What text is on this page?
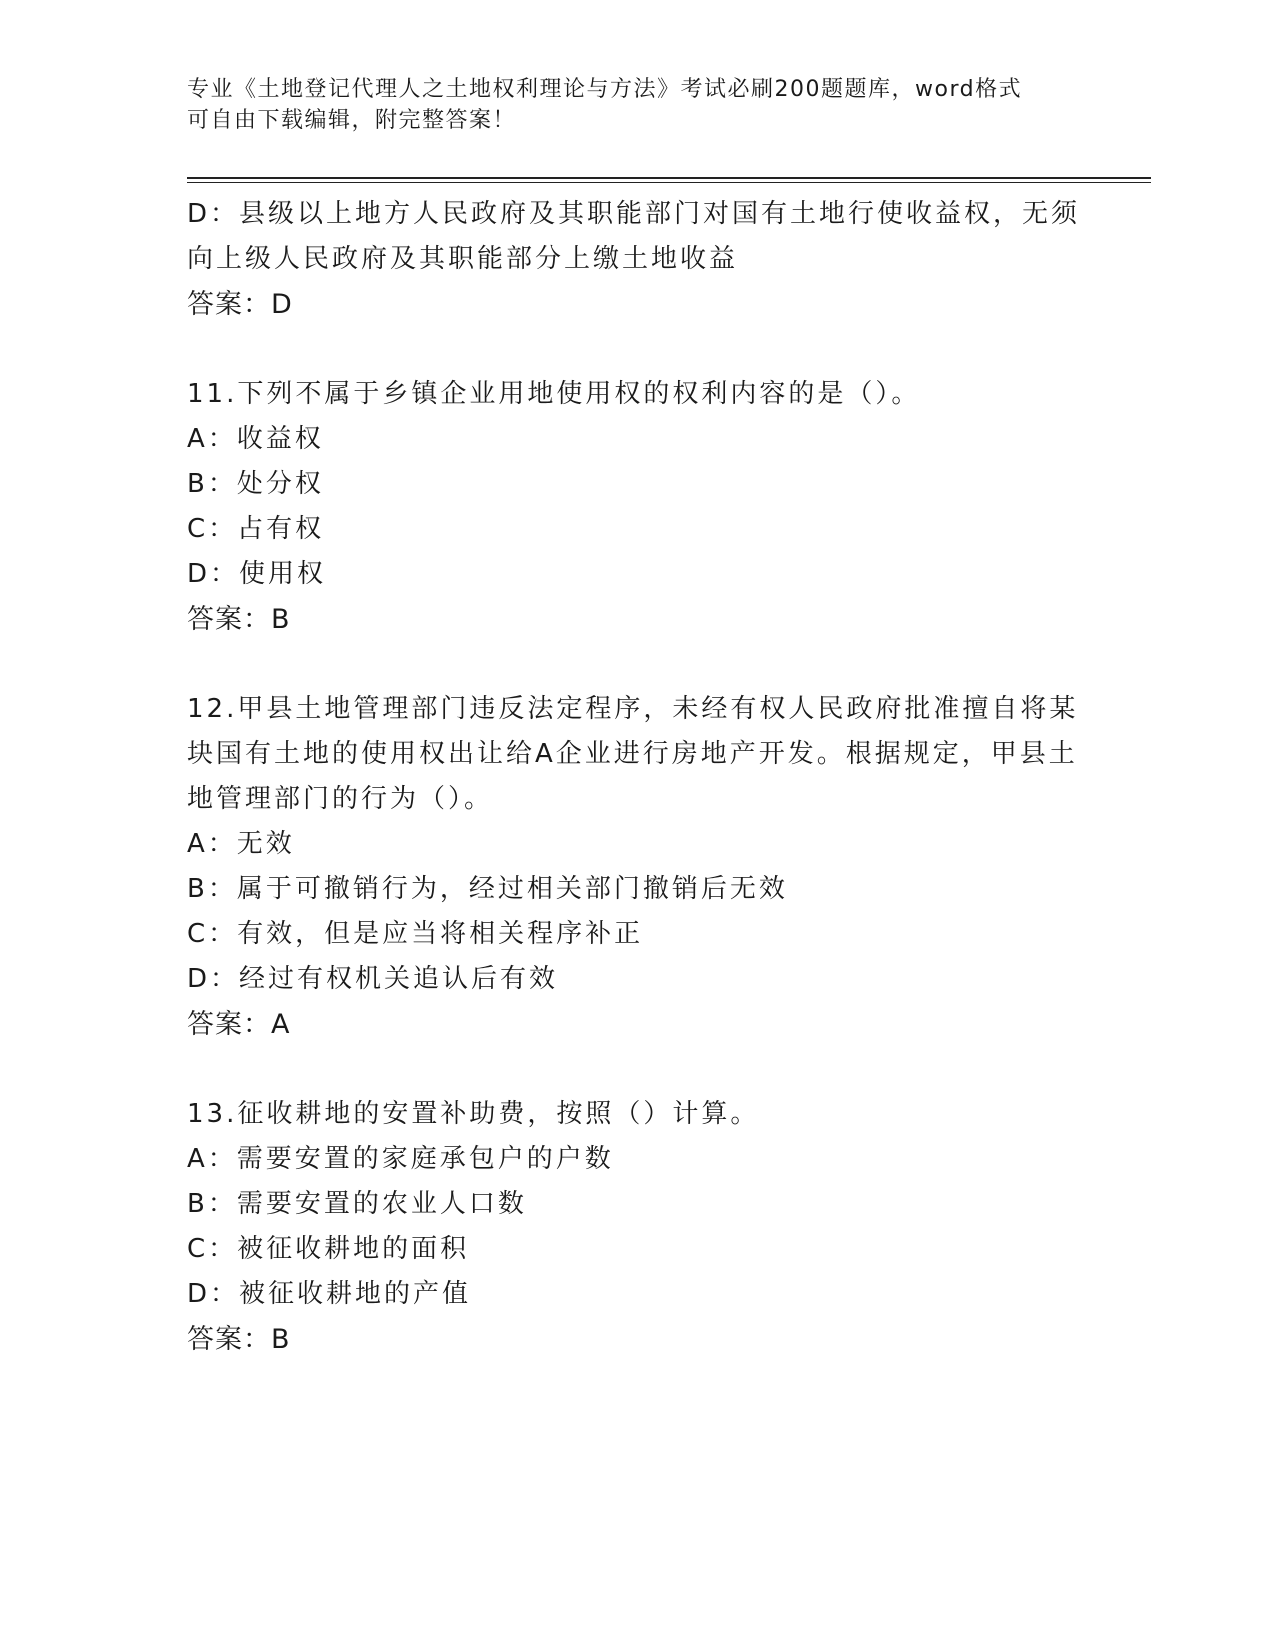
专业《土地登记代理人之土地权利理论与方法》考试必刷200题题库，word格式
可自由下载编辑，附完整答案！
D：县级以上地方人民政府及其职能部门对国有土地行使收益权，无须
向上级人民政府及其职能部分上缴土地收益
答案：D
11.下列不属于乡镇企业用地使用权的权利内容的是（）。
A：收益权
B：处分权
C：占有权
D：使用权
答案：B
12.甲县土地管理部门违反法定程序，未经有权人民政府批准擅自将某
块国有土地的使用权出让给A企业进行房地产开发。根据规定，甲县土
地管理部门的行为（）。
A：无效
B：属于可撤销行为，经过相关部门撤销后无效
C：有效，但是应当将相关程序补正
D：经过有权机关追认后有效
答案：A
13.征收耕地的安置补助费，按照（）计算。
A：需要安置的家庭承包户的户数
B：需要安置的农业人口数
C：被征收耕地的面积
D：被征收耕地的产值
答案：B
